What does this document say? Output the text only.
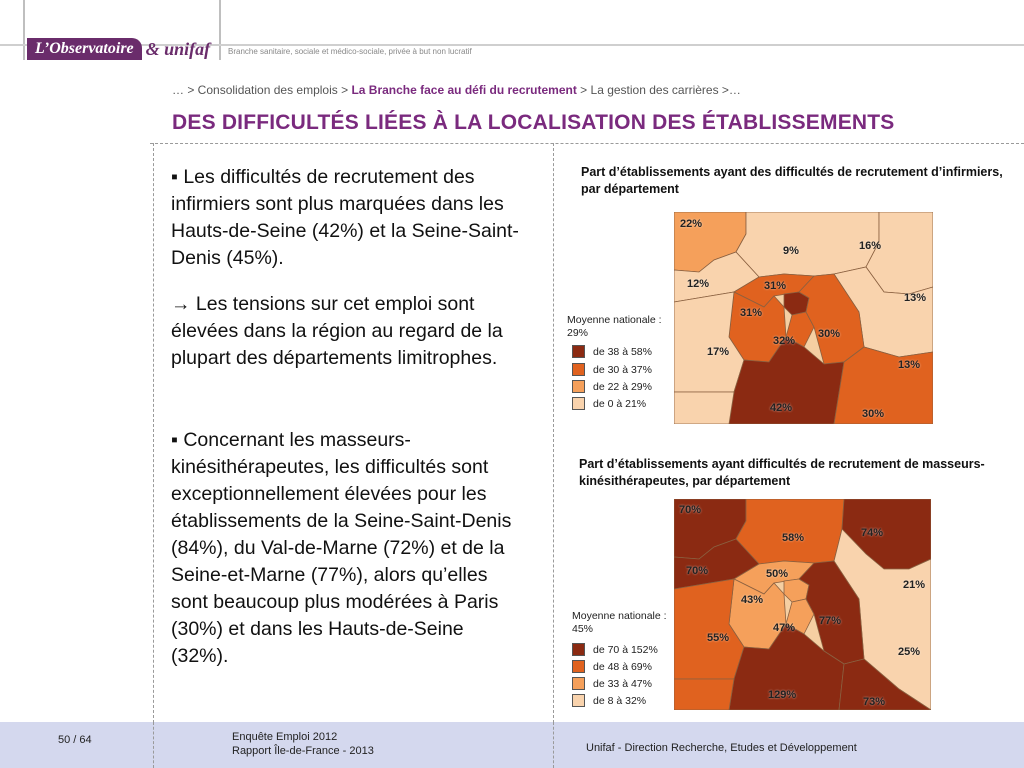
L’Observatoire & unifaf Branche sanitaire, sociale et médico-sociale, privée à but non lucratif
… > Consolidation des emplois > La Branche face au défi du recrutement > La gestion des carrières >…
DES DIFFICULTÉS LIÉES À LA LOCALISATION DES ÉTABLISSEMENTS
▪ Les difficultés de recrutement des infirmiers sont plus marquées dans les Hauts-de-Seine (42%) et la Seine-Saint-Denis (45%).
→ Les tensions sur cet emploi sont élevées dans la région au regard de la plupart des départements limitrophes.
▪ Concernant les masseurs-kinésithérapeutes, les difficultés sont exceptionnellement élevées pour les établissements de la Seine-Saint-Denis (84%), du Val-de-Marne (72%) et de la Seine-et-Marne (77%), alors qu’elles sont beaucoup plus modérées à Paris (30%) et dans les Hauts-de-Seine (32%).
Part d’établissements ayant des difficultés de recrutement d’infirmiers, par département
22%
9%	16%
12%	31%
13%
31%
30%
32%
17%
13%
42%	30%
Moyenne nationale : 29%
de 38 à 58%
de 30 à 37%
de 22 à 29%
de 0 à 21%
Part d’établissements ayant difficultés de recrutement de masseurs-kinésithérapeutes, par département
70%
58%	74%
70%	50%
21%
43%
47%
77%
55%
25%
129%
73%
Moyenne nationale : 45%
de 70 à 152%
de 48 à 69%
de 33 à 47%
de 8 à 32%
50 / 64	Enquête Emploi 2012
Rapport Île-de-France - 2013	Unifaf - Direction Recherche, Etudes et Développement
